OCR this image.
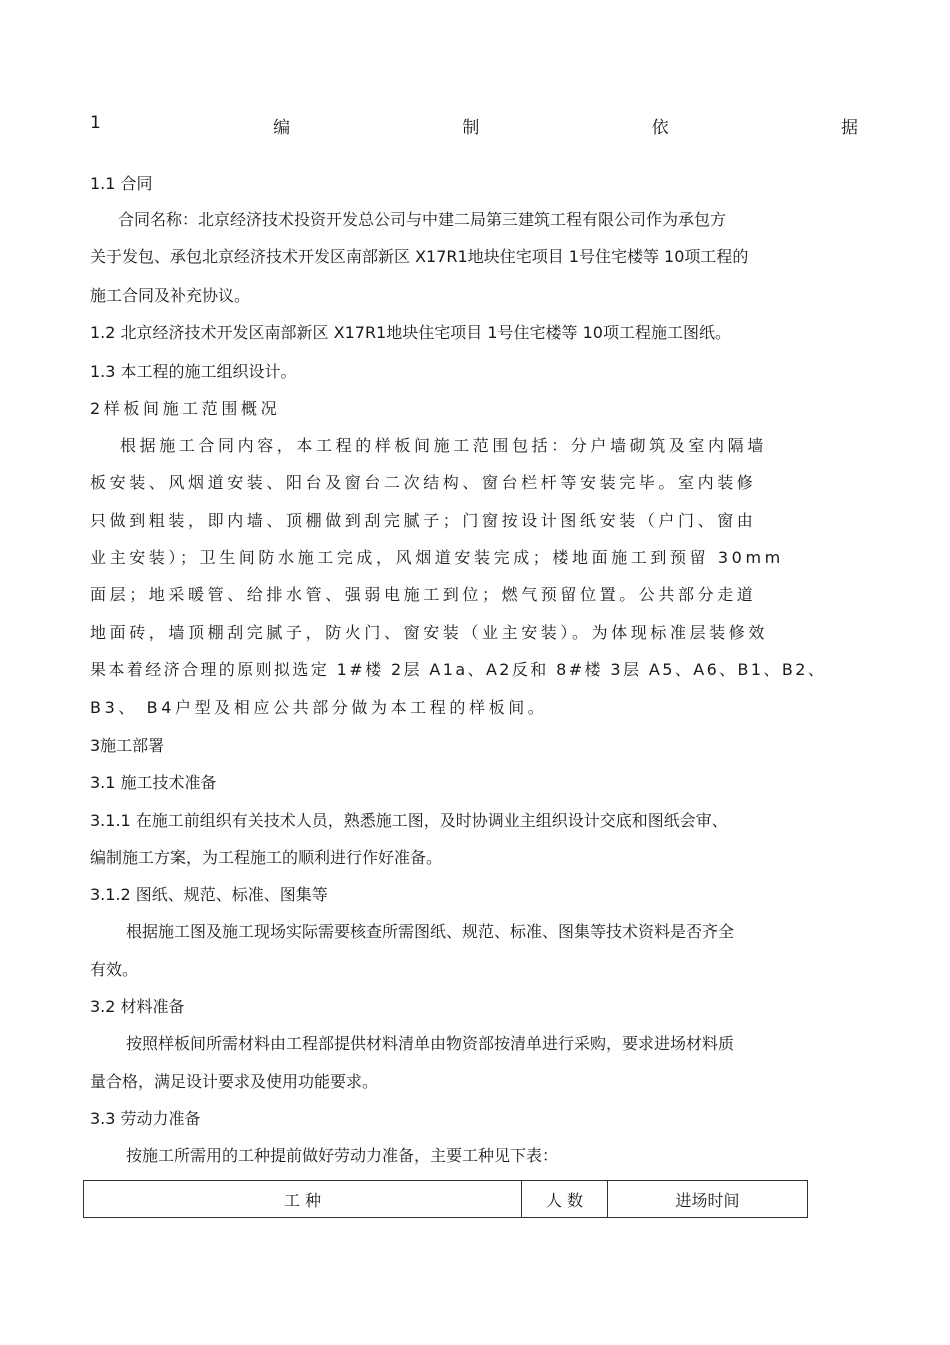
1	编	制	依	据
1.1 合同
合同名称：北京经济技术投资开发总公司与中建二局第三建筑工程有限公司作为承包方
关于发包、承包北京经济技术开发区南部新区 X17R1地块住宅项目 1号住宅楼等 10项工程的
施工合同及补充协议。
1.2 北京经济技术开发区南部新区 X17R1地块住宅项目 1号住宅楼等 10项工程施工图纸。
1.3 本工程的施工组织设计。
2样板间施工范围概况
根据施工合同内容，本工程的样板间施工范围包括：分户墙砌筑及室内隔墙
板安装、风烟道安装、阳台及窗台二次结构、窗台栏杆等安装完毕。室内装修
只做到粗装，即内墙、顶棚做到刮完腻子；门窗按设计图纸安装（户门、窗由
业主安装）；卫生间防水施工完成，风烟道安装完成；楼地面施工到预留 30mm
面层；地采暖管、给排水管、强弱电施工到位；燃气预留位置。公共部分走道
地面砖，墙顶棚刮完腻子，防火门、窗安装（业主安装）。为体现标准层装修效
果本着经济合理的原则拟选定 1#楼 2层 A1a、A2反和 8#楼 3层 A5、A6、B1、B2、
B3、 B4户型及相应公共部分做为本工程的样板间。
3施工部署
3.1 施工技术准备
3.1.1 在施工前组织有关技术人员，熟悉施工图，及时协调业主组织设计交底和图纸会审、
编制施工方案，为工程施工的顺利进行作好准备。
3.1.2 图纸、规范、标准、图集等
根据施工图及施工现场实际需要核查所需图纸、规范、标准、图集等技术资料是否齐全
有效。
3.2 材料准备
按照样板间所需材料由工程部提供材料清单由物资部按清单进行采购，要求进场材料质
量合格，满足设计要求及使用功能要求。
3.3 劳动力准备
按施工所需用的工种提前做好劳动力准备，主要工种见下表：
工 种	人 数	进场时间
